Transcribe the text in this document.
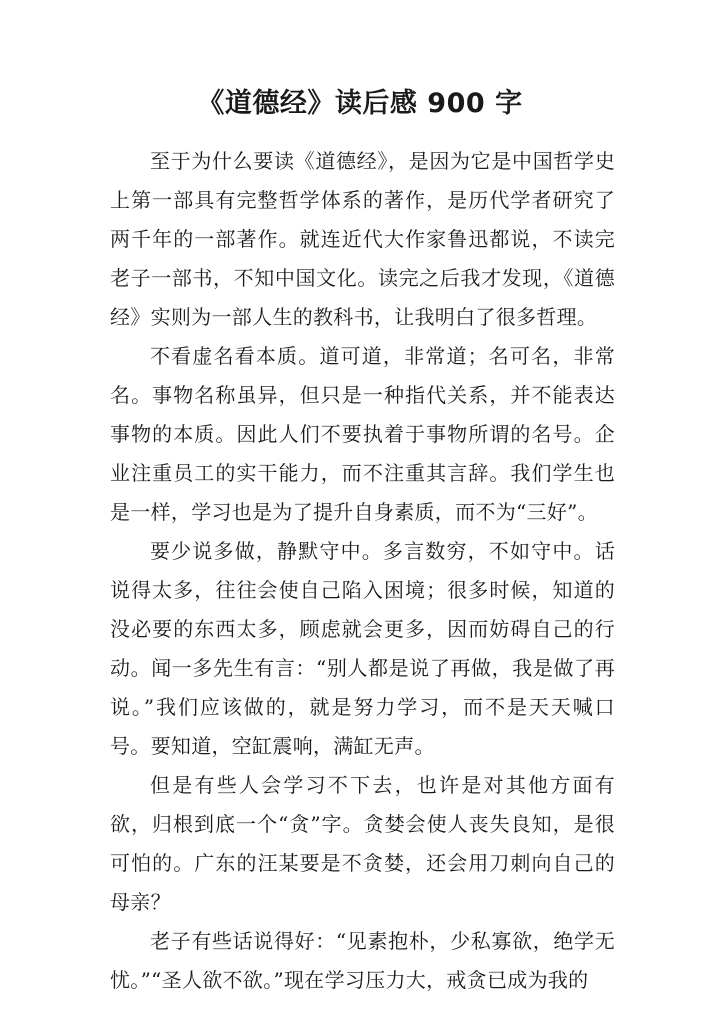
《道德经》读后感 900 字

至于为什么要读《道德经》，是因为它是中国哲学史上第一部具有完整哲学体系的著作，是历代学者研究了两千年的一部著作。就连近代大作家鲁迅都说，不读完老子一部书，不知中国文化。读完之后我才发现，《道德经》实则为一部人生的教科书，让我明白了很多哲理。

不看虚名看本质。道可道，非常道；名可名，非常名。事物名称虽异，但只是一种指代关系，并不能表达事物的本质。因此人们不要执着于事物所谓的名号。企业注重员工的实干能力，而不注重其言辞。我们学生也是一样，学习也是为了提升自身素质，而不为“三好”。

要少说多做，静默守中。多言数穷，不如守中。话说得太多，往往会使自己陷入困境；很多时候，知道的没必要的东西太多，顾虑就会更多，因而妨碍自己的行动。闻一多先生有言：“别人都是说了再做，我是做了再说。”我们应该做的，就是努力学习，而不是天天喊口号。要知道，空缸震响，满缸无声。

但是有些人会学习不下去，也许是对其他方面有欲，归根到底一个“贪”字。贪婪会使人丧失良知，是很可怕的。广东的汪某要是不贪婪，还会用刀刺向自己的母亲？

老子有些话说得好：“见素抱朴，少私寡欲，绝学无忧。”“圣人欲不欲。”现在学习压力大，戒贪已成为我的
